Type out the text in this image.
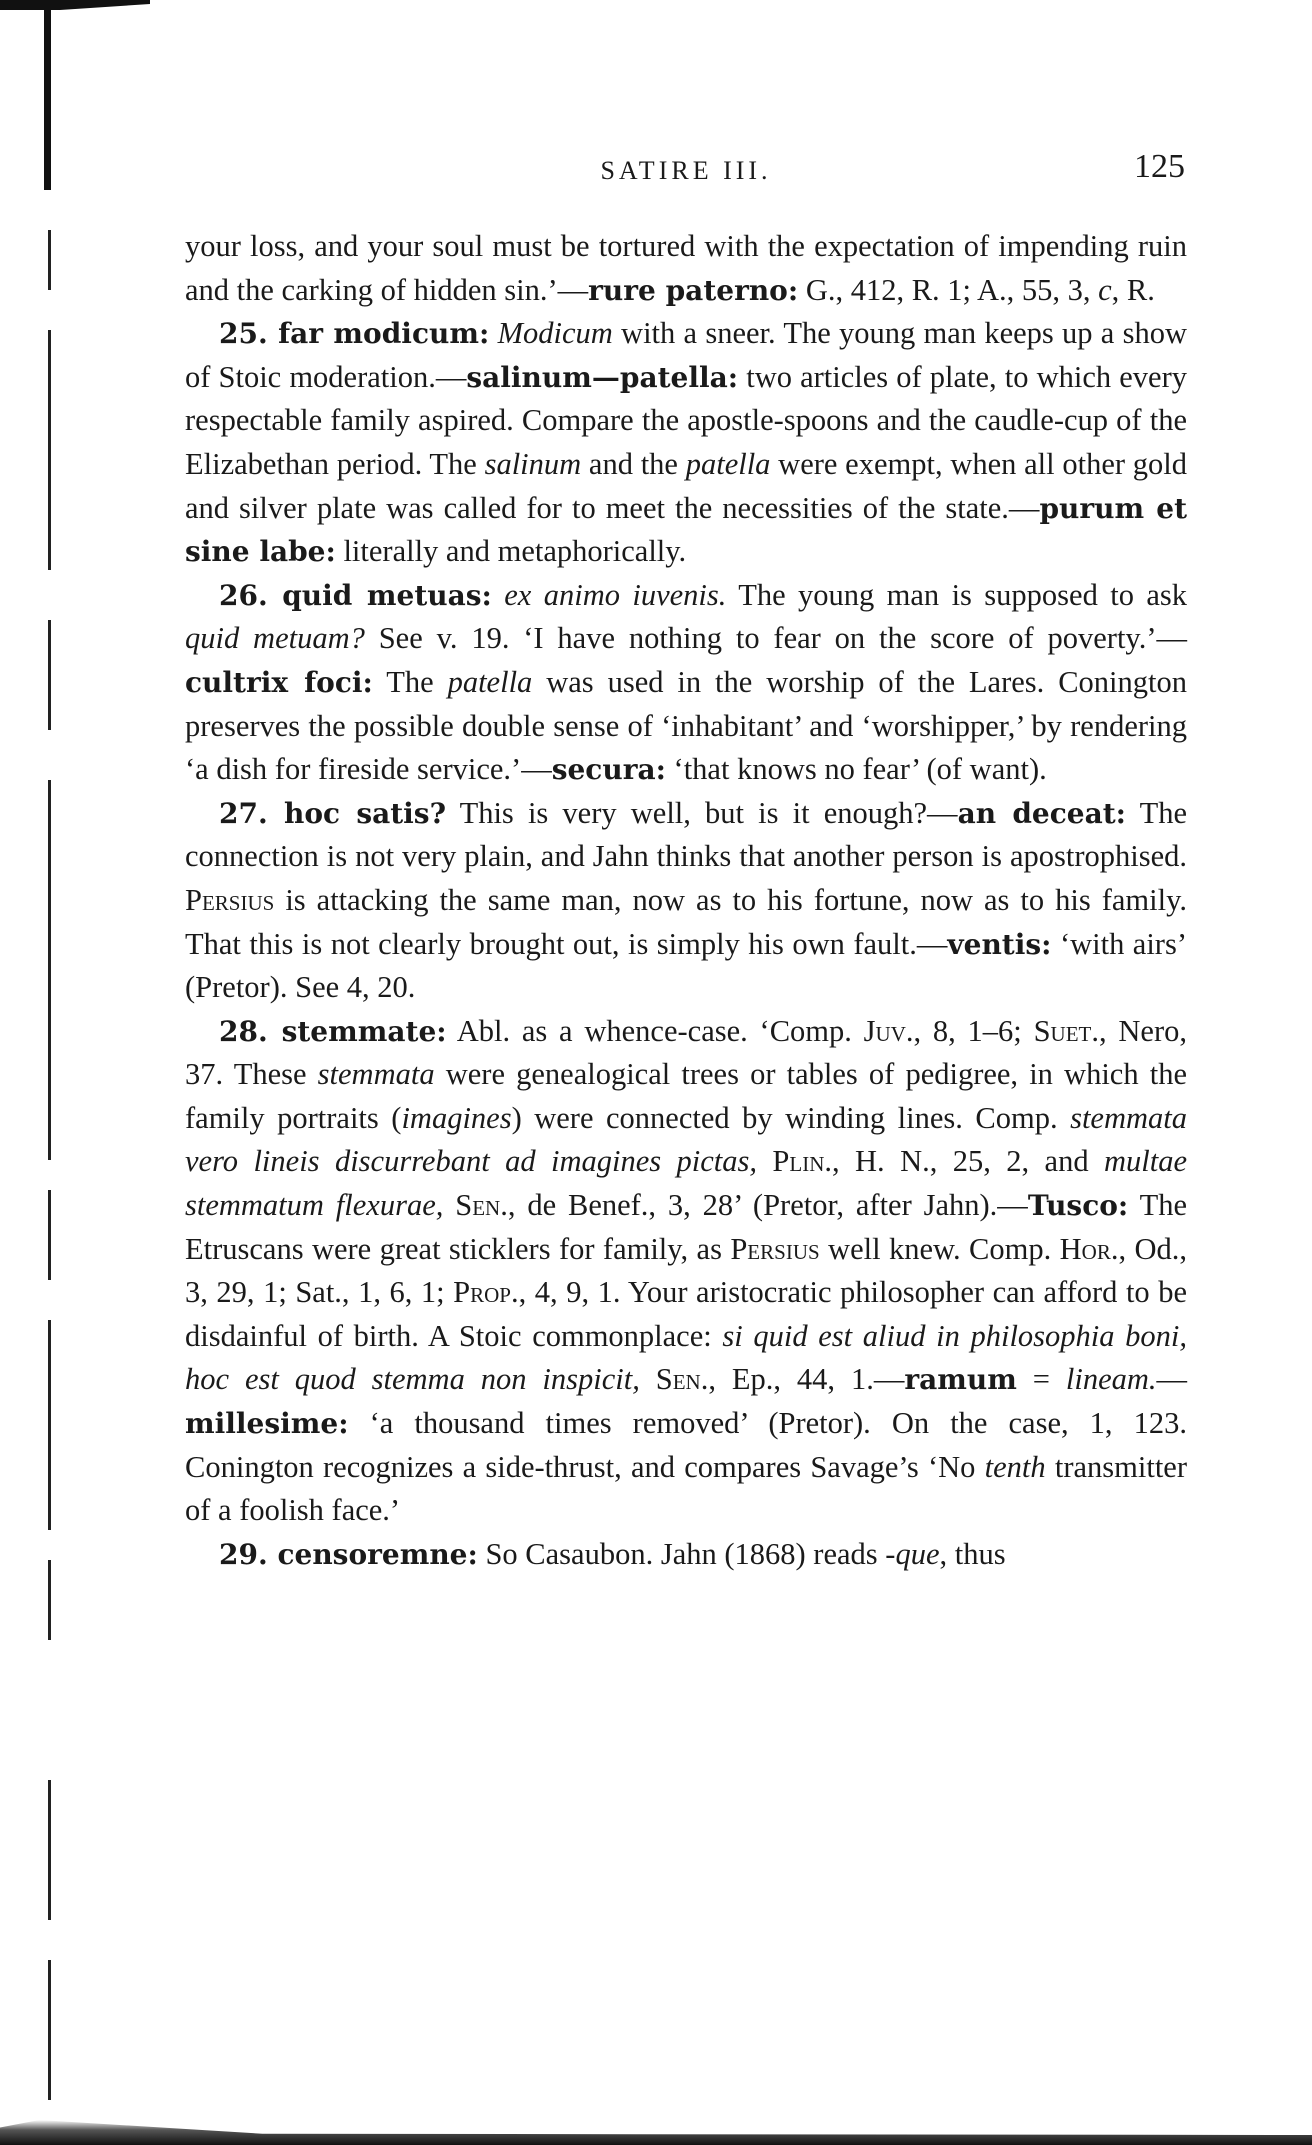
SATIRE III.	125

your loss, and your soul must be tortured with the expectation of impending ruin and the carking of hidden sin.’—rure paterno: G., 412, R. 1; A., 55, 3, c, R.

25. far modicum: Modicum with a sneer. The young man keeps up a show of Stoic moderation.—salinum—patella: two articles of plate, to which every respectable family aspired. Compare the apostle-spoons and the caudle-cup of the Elizabethan period. The salinum and the patella were exempt, when all other gold and silver plate was called for to meet the necessities of the state.—purum et sine labe: literally and metaphorically.

26. quid metuas: ex animo iuvenis. The young man is supposed to ask quid metuam? See v. 19. ‘I have nothing to fear on the score of poverty.’—cultrix foci: The patella was used in the worship of the Lares. Conington preserves the possible double sense of ‘inhabitant’ and ‘worshipper,’ by rendering ‘a dish for fireside service.’—secura: ‘that knows no fear’ (of want).

27. hoc satis? This is very well, but is it enough?—an deceat: The connection is not very plain, and Jahn thinks that another person is apostrophised. Persius is attacking the same man, now as to his fortune, now as to his family. That this is not clearly brought out, is simply his own fault.—ventis: ‘with airs’ (Pretor). See 4, 20.

28. stemmate: Abl. as a whence-case. ‘Comp. Juv., 8, 1–6; Suet., Nero, 37. These stemmata were genealogical trees or tables of pedigree, in which the family portraits (imagines) were connected by winding lines. Comp. stemmata vero lineis discurrebant ad imagines pictas, Plin., H. N., 25, 2, and multae stemmatum flexurae, Sen., de Benef., 3, 28’ (Pretor, after Jahn).—Tusco: The Etruscans were great sticklers for family, as Persius well knew. Comp. Hor., Od., 3, 29, 1; Sat., 1, 6, 1; Prop., 4, 9, 1. Your aristocratic philosopher can afford to be disdainful of birth. A Stoic commonplace: si quid est aliud in philosophia boni, hoc est quod stemma non inspicit, Sen., Ep., 44, 1.—ramum = lineam.—millesime: ‘a thousand times removed’ (Pretor). On the case, 1, 123. Conington recognizes a side-thrust, and compares Savage’s ‘No tenth transmitter of a foolish face.’

29. censoremne: So Casaubon. Jahn (1868) reads -que, thus
